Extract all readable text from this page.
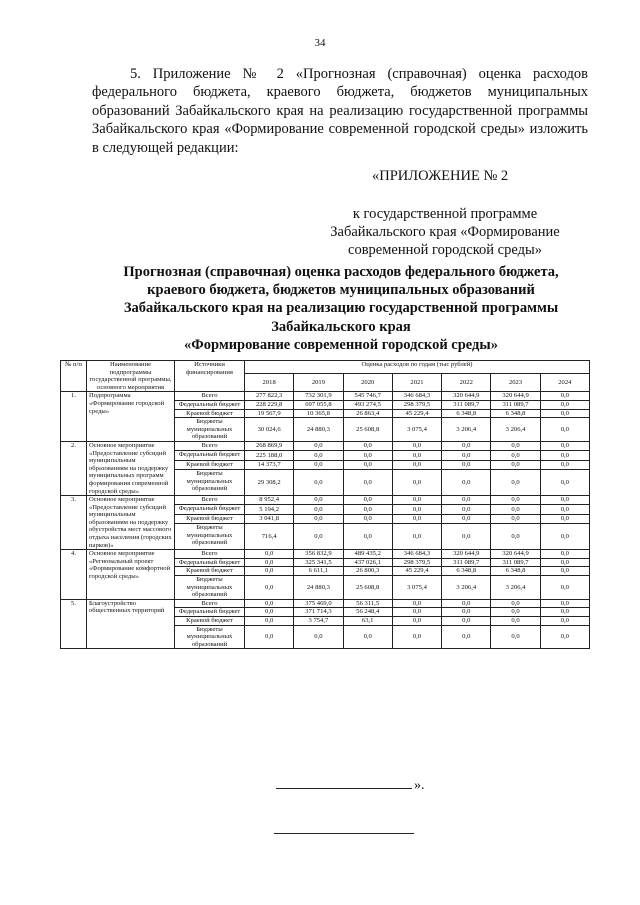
34
5. Приложение № 2 «Прогнозная (справочная) оценка расходов федерального бюджета, краевого бюджета, бюджетов муниципальных образований Забайкальского края на реализацию государственной программы Забайкальского края «Формирование современной городской среды» изложить в следующей редакции:
«ПРИЛОЖЕНИЕ № 2
к государственной программе
Забайкальского края «Формирование
современной городской среды»
Прогнозная (справочная) оценка расходов федерального бюджета,
краевого бюджета, бюджетов муниципальных образований
Забайкальского края на реализацию государственной программы
Забайкальского края
«Формирование современной городской среды»
№ п/п	Наименование подпрограммы государственной программы, основного мероприятия	Источники финансирования	Оценка расходов по годам (тыс рублей)						
			2018	2019	2020	2021	2022	2023	2024
1.	Подпрограмма «Формирование городской среды»	Всего	277 822,3	732 301,9	545 746,7	346 684,3	320 644,9	320 644,9	0,0
		Федеральный бюджет	228 229,8	697 055,8	493 274,5	298 379,5	311 089,7	311 089,7	0,0
		Краевой бюджет	19 567,9	10 365,8	26 863,4	45 229,4	6 348,8	6 348,8	0,0
		Бюджеты муниципальных образований	30 024,6	24 880,3	25 608,8	3 075,4	3 206,4	3 206,4	0,0
2.	Основное мероприятие «Предоставление субсидий муниципальным образованиям на поддержку муниципальных программ формирования современной городской среды»	Всего	268 869,9	0,0	0,0	0,0	0,0	0,0	0,0
		Федеральный бюджет	225 188,0	0,0	0,0	0,0	0,0	0,0	0,0
		Краевой бюджет	14 373,7	0,0	0,0	0,0	0,0	0,0	0,0
		Бюджеты муниципальных образований	29 308,2	0,0	0,0	0,0	0,0	0,0	0,0
3.	Основное мероприятие «Предоставление субсидий муниципальным образованиям на поддержку обустройства мест массового отдыха населения (городских парков)»	Всего	8 952,4	0,0	0,0	0,0	0,0	0,0	0,0
		Федеральный бюджет	5 194,2	0,0	0,0	0,0	0,0	0,0	0,0
		Краевой бюджет	3 041,8	0,0	0,0	0,0	0,0	0,0	0,0
		Бюджеты муниципальных образований	716,4	0,0	0,0	0,0	0,0	0,0	0,0
4.	Основное мероприятие «Региональный проект «Формирование комфортной городской среды»	Всего	0,0	356 832,9	489 435,2	346 684,3	320 644,9	320 644,9	0,0
		Федеральный бюджет	0,0	325 341,5	437 026,1	298 379,5	311 089,7	311 089,7	0,0
		Краевой бюджет	0,0	6 611,1	26 800,3	45 229,4	6 348,8	6 348,8	0,0
		Бюджеты муниципальных образований	0,0	24 880,3	25 608,8	3 075,4	3 206,4	3 206,4	0,0
5.	Благоустройство общественных территорий	Всего	0,0	375 469,0	56 311,5	0,0	0,0	0,0	0,0
		Федеральный бюджет	0,0	371 714,3	56 248,4	0,0	0,0	0,0	0,0
		Краевой бюджет	0,0	3 754,7	63,1	0,0	0,0	0,0	0,0
		Бюджеты муниципальных образований	0,0	0,0	0,0	0,0	0,0	0,0	0,0
».
